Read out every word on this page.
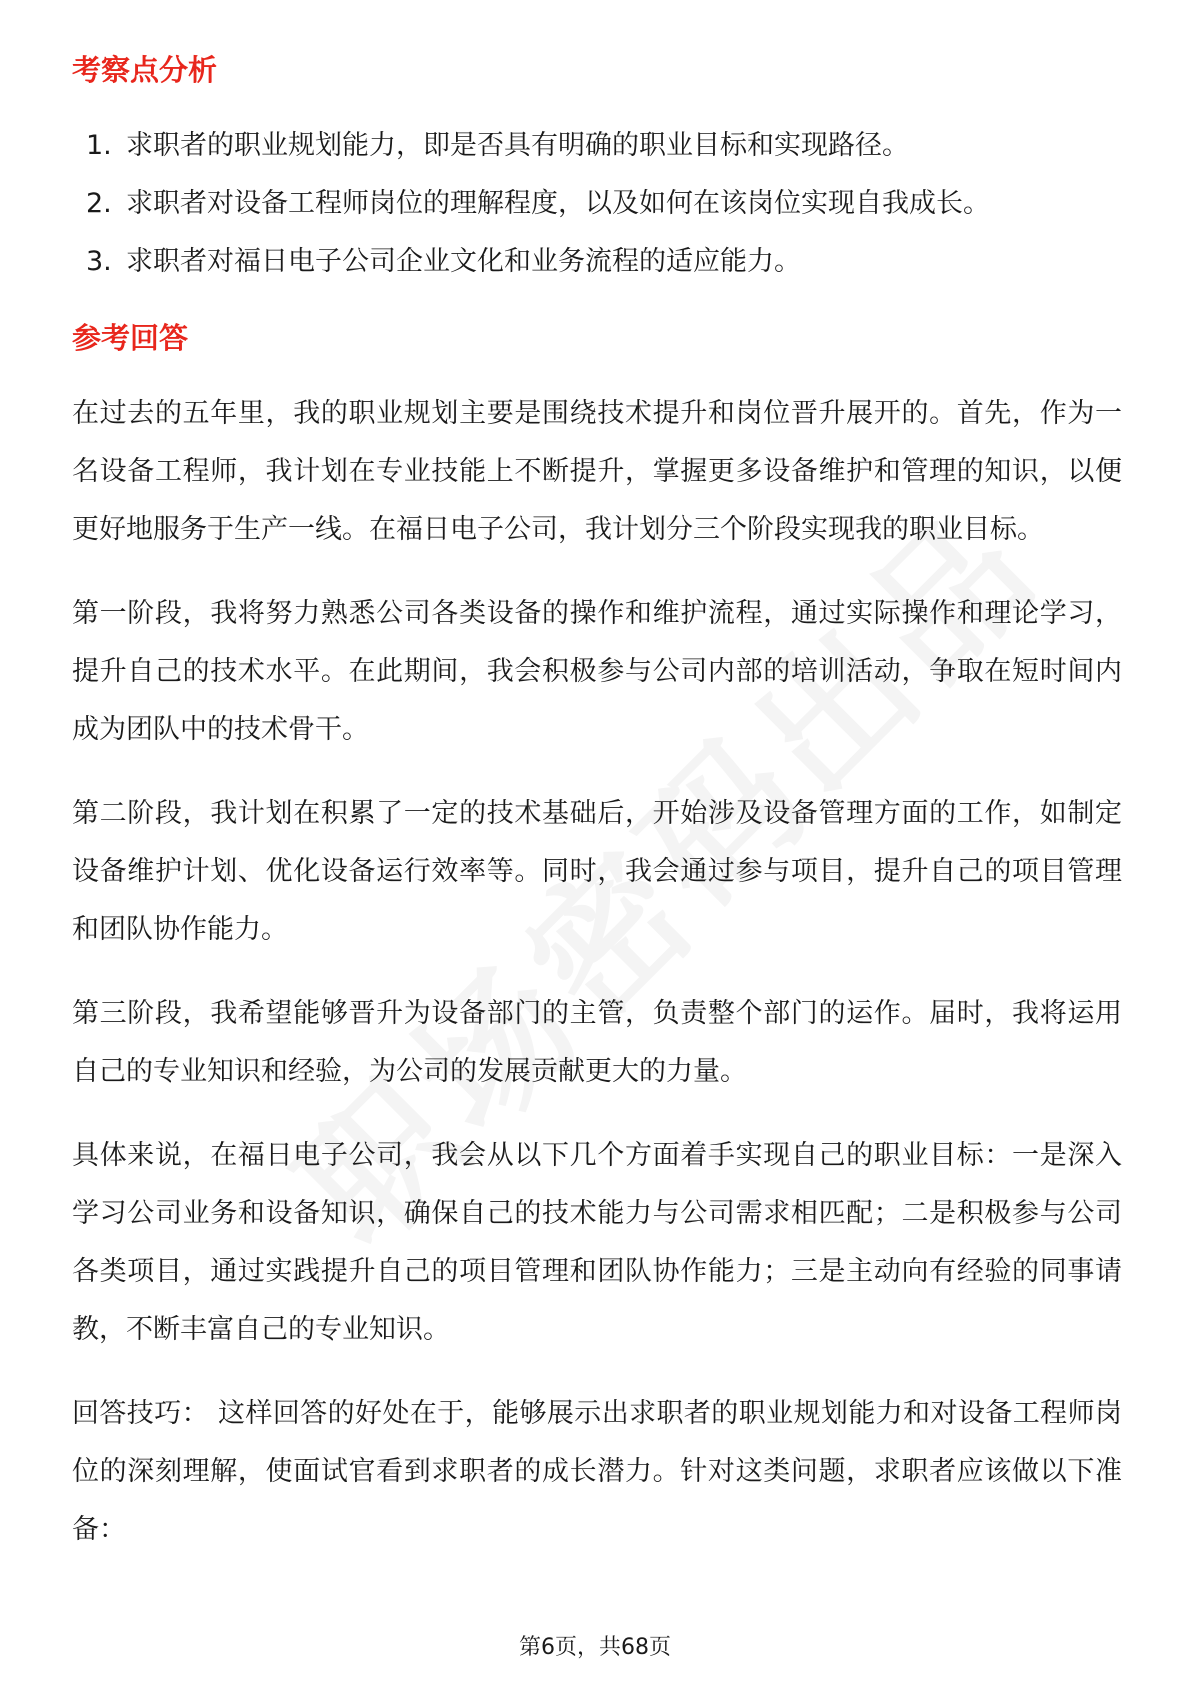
考察点分析
1. 求职者的职业规划能力，即是否具有明确的职业目标和实现路径。
2. 求职者对设备工程师岗位的理解程度，以及如何在该岗位实现自我成长。
3. 求职者对福日电子公司企业文化和业务流程的适应能力。
参考回答

在过去的五年里，我的职业规划主要是围绕技术提升和岗位晋升展开的。首先，作为一名设备工程师，我计划在专业技能上不断提升，掌握更多设备维护和管理的知识，以便更好地服务于生产一线。在福日电子公司，我计划分三个阶段实现我的职业目标。

第一阶段，我将努力熟悉公司各类设备的操作和维护流程，通过实际操作和理论学习，提升自己的技术水平。在此期间，我会积极参与公司内部的培训活动，争取在短时间内成为团队中的技术骨干。

第二阶段，我计划在积累了一定的技术基础后，开始涉及设备管理方面的工作，如制定设备维护计划、优化设备运行效率等。同时，我会通过参与项目，提升自己的项目管理和团队协作能力。

第三阶段，我希望能够晋升为设备部门的主管，负责整个部门的运作。届时，我将运用自己的专业知识和经验，为公司的发展贡献更大的力量。

具体来说，在福日电子公司，我会从以下几个方面着手实现自己的职业目标：一是深入学习公司业务和设备知识，确保自己的技术能力与公司需求相匹配；二是积极参与公司各类项目，通过实践提升自己的项目管理和团队协作能力；三是主动向有经验的同事请教，不断丰富自己的专业知识。

回答技巧： 这样回答的好处在于，能够展示出求职者的职业规划能力和对设备工程师岗位的深刻理解，使面试官看到求职者的成长潜力。针对这类问题，求职者应该做以下准备：

第6页，共68页
